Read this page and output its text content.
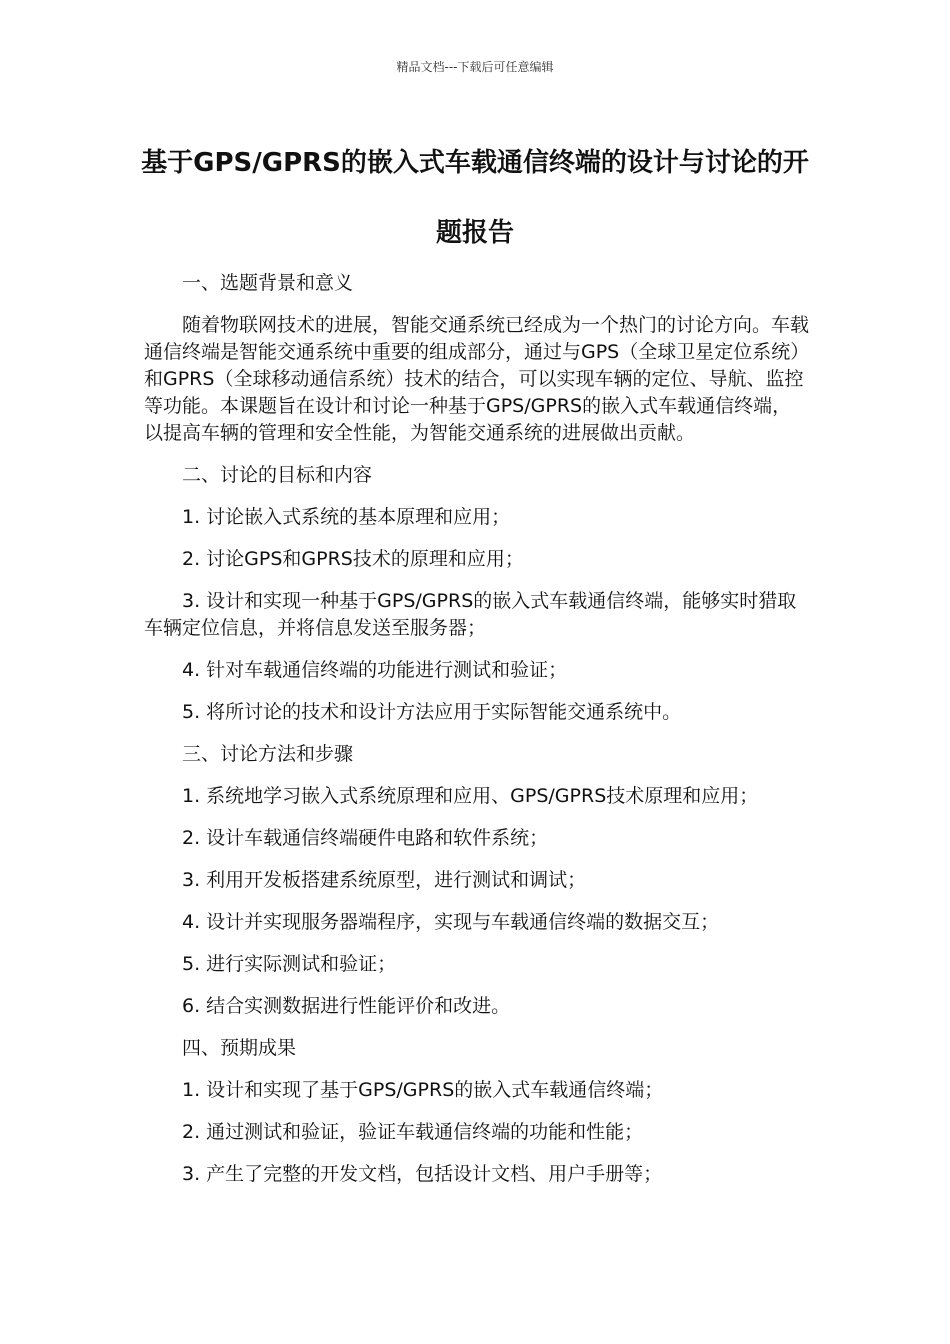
精品文档---下载后可任意编辑
基于GPS/GPRS的嵌入式车载通信终端的设计与讨论的开题报告

一、选题背景和意义

随着物联网技术的进展，智能交通系统已经成为一个热门的讨论方向。车载通信终端是智能交通系统中重要的组成部分，通过与GPS（全球卫星定位系统）和GPRS（全球移动通信系统）技术的结合，可以实现车辆的定位、导航、监控等功能。本课题旨在设计和讨论一种基于GPS/GPRS的嵌入式车载通信终端，以提高车辆的管理和安全性能，为智能交通系统的进展做出贡献。

二、讨论的目标和内容

1. 讨论嵌入式系统的基本原理和应用；

2. 讨论GPS和GPRS技术的原理和应用；

3. 设计和实现一种基于GPS/GPRS的嵌入式车载通信终端，能够实时猎取车辆定位信息，并将信息发送至服务器；

4. 针对车载通信终端的功能进行测试和验证；

5. 将所讨论的技术和设计方法应用于实际智能交通系统中。

三、讨论方法和步骤

1. 系统地学习嵌入式系统原理和应用、GPS/GPRS技术原理和应用；

2. 设计车载通信终端硬件电路和软件系统；

3. 利用开发板搭建系统原型，进行测试和调试；

4. 设计并实现服务器端程序，实现与车载通信终端的数据交互；

5. 进行实际测试和验证；

6. 结合实测数据进行性能评价和改进。

四、预期成果

1. 设计和实现了基于GPS/GPRS的嵌入式车载通信终端；

2. 通过测试和验证，验证车载通信终端的功能和性能；

3. 产生了完整的开发文档，包括设计文档、用户手册等；
